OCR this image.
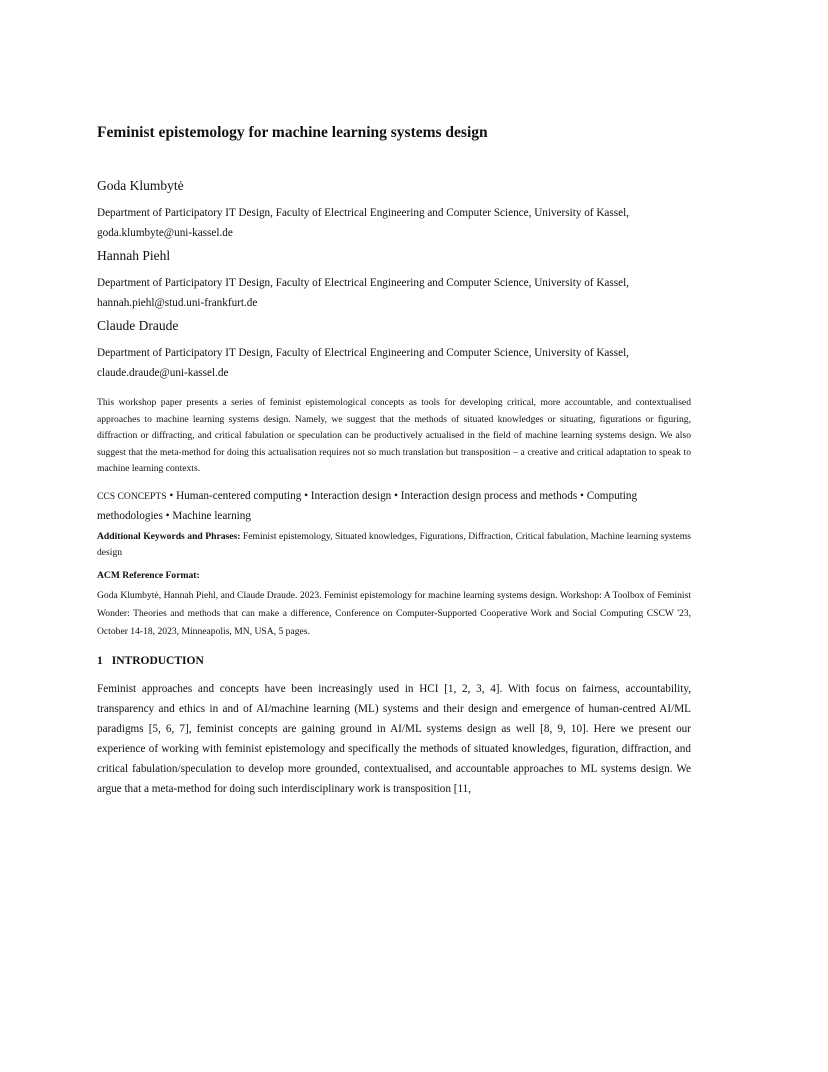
Feminist epistemology for machine learning systems design

Goda Klumbytė

Department of Participatory IT Design, Faculty of Electrical Engineering and Computer Science, University of Kassel,
goda.klumbyte@uni-kassel.de

Hannah Piehl

Department of Participatory IT Design, Faculty of Electrical Engineering and Computer Science, University of Kassel,
hannah.piehl@stud.uni-frankfurt.de

Claude Draude

Department of Participatory IT Design, Faculty of Electrical Engineering and Computer Science, University of Kassel,
claude.draude@uni-kassel.de

This workshop paper presents a series of feminist epistemological concepts as tools for developing critical, more accountable, and contextualised approaches to machine learning systems design. Namely, we suggest that the methods of situated knowledges or situating, figurations or figuring, diffraction or diffracting, and critical fabulation or speculation can be productively actualised in the field of machine learning systems design. We also suggest that the meta-method for doing this actualisation requires not so much translation but transposition – a creative and critical adaptation to speak to machine learning contexts.

CCS CONCEPTS • Human-centered computing • Interaction design • Interaction design process and methods • Computing methodologies • Machine learning

Additional Keywords and Phrases: Feminist epistemology, Situated knowledges, Figurations, Diffraction, Critical fabulation, Machine learning systems design

ACM Reference Format:

Goda Klumbytė, Hannah Piehl, and Claude Draude. 2023. Feminist epistemology for machine learning systems design. Workshop: A Toolbox of Feminist Wonder: Theories and methods that can make a difference, Conference on Computer-Supported Cooperative Work and Social Computing CSCW '23, October 14-18, 2023, Minneapolis, MN, USA, 5 pages.

1 INTRODUCTION

Feminist approaches and concepts have been increasingly used in HCI [1, 2, 3, 4]. With focus on fairness, accountability, transparency and ethics in and of AI/machine learning (ML) systems and their design and emergence of human-centred AI/ML paradigms [5, 6, 7], feminist concepts are gaining ground in AI/ML systems design as well [8, 9, 10]. Here we present our experience of working with feminist epistemology and specifically the methods of situated knowledges, figuration, diffraction, and critical fabulation/speculation to develop more grounded, contextualised, and accountable approaches to ML systems design. We argue that a meta-method for doing such interdisciplinary work is transposition [11,
